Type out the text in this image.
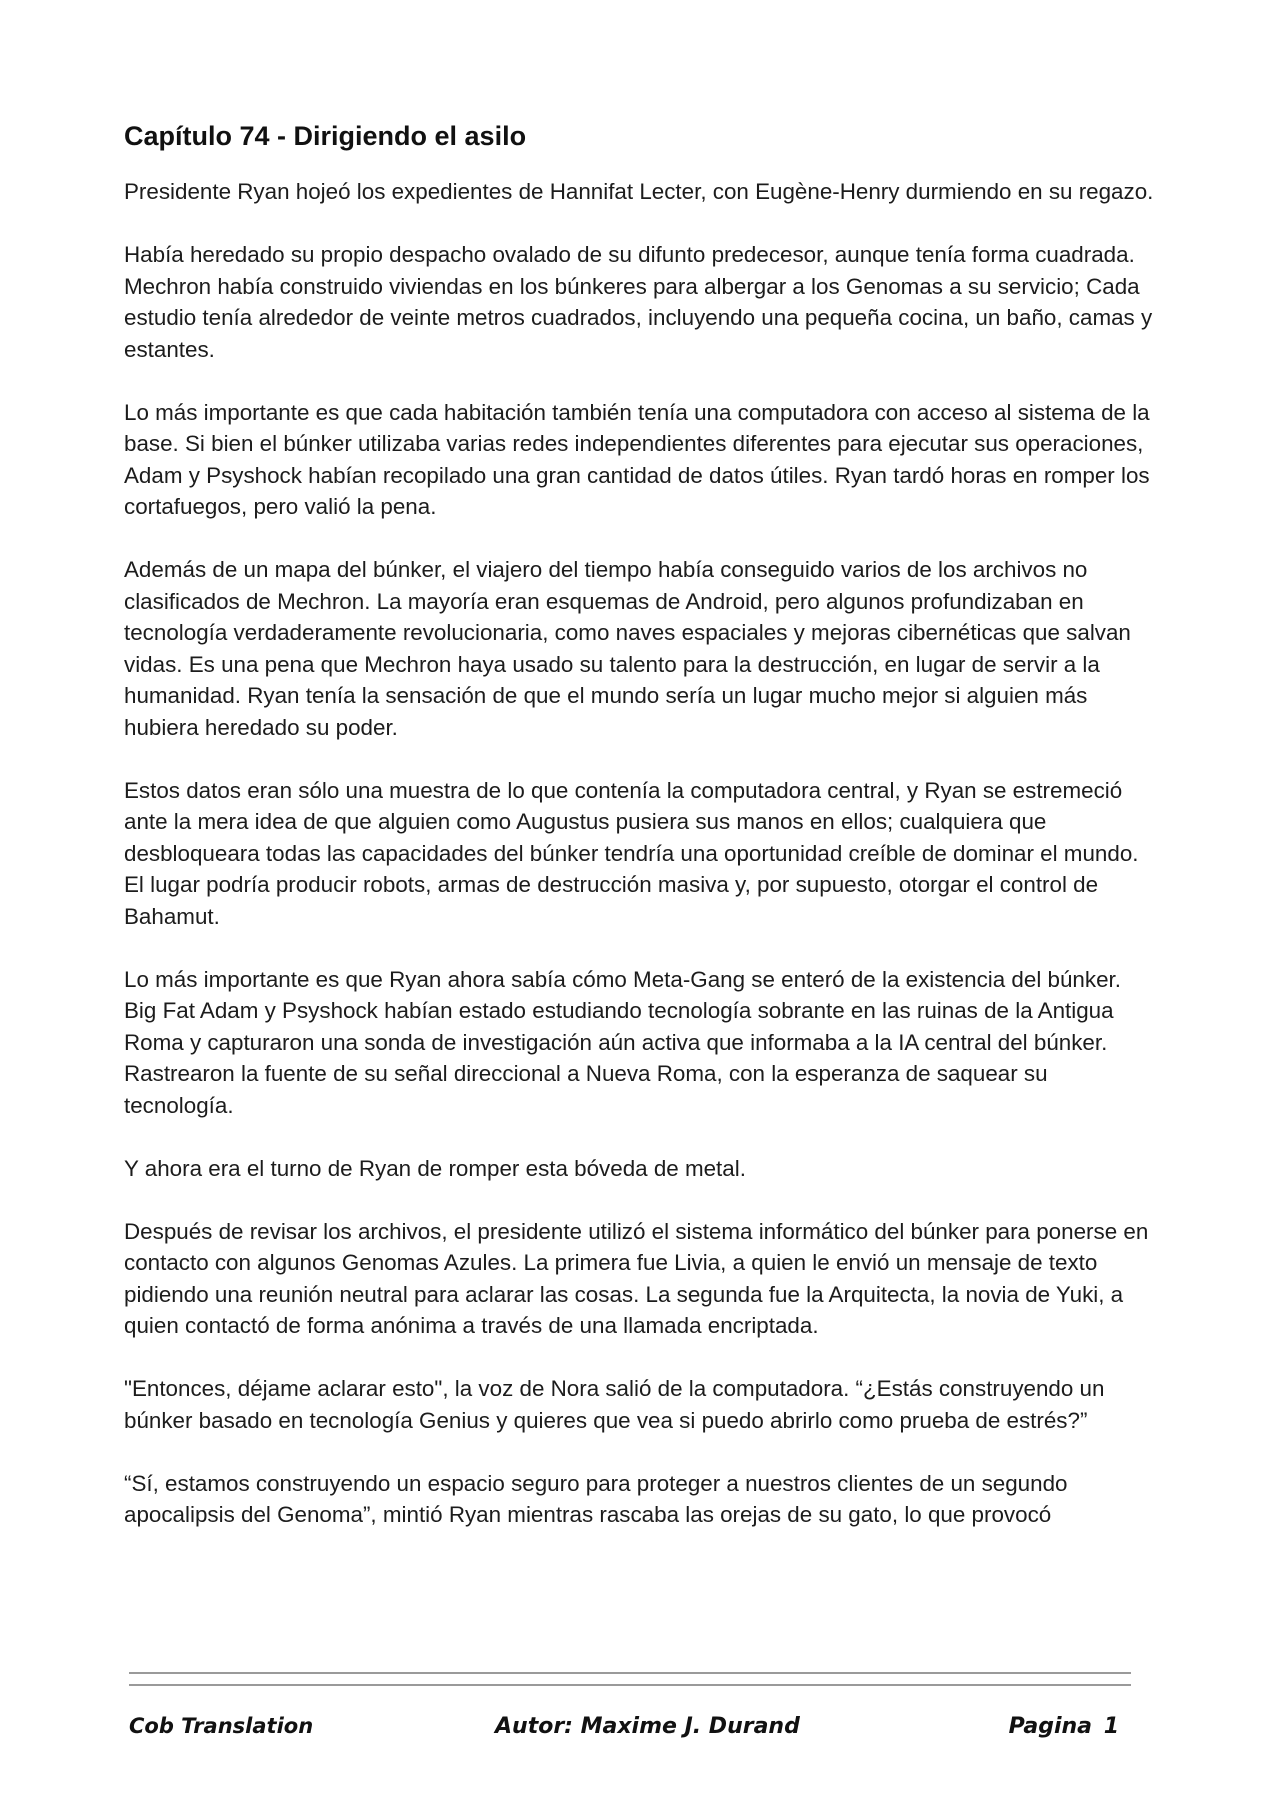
Capítulo 74 - Dirigiendo el asilo

Presidente Ryan hojeó los expedientes de Hannifat Lecter, con Eugène-Henry durmiendo en su regazo.

Había heredado su propio despacho ovalado de su difunto predecesor, aunque tenía forma cuadrada. Mechron había construido viviendas en los búnkeres para albergar a los Genomas a su servicio; Cada estudio tenía alrededor de veinte metros cuadrados, incluyendo una pequeña cocina, un baño, camas y estantes.

Lo más importante es que cada habitación también tenía una computadora con acceso al sistema de la base. Si bien el búnker utilizaba varias redes independientes diferentes para ejecutar sus operaciones, Adam y Psyshock habían recopilado una gran cantidad de datos útiles. Ryan tardó horas en romper los cortafuegos, pero valió la pena.

Además de un mapa del búnker, el viajero del tiempo había conseguido varios de los archivos no clasificados de Mechron. La mayoría eran esquemas de Android, pero algunos profundizaban en tecnología verdaderamente revolucionaria, como naves espaciales y mejoras cibernéticas que salvan vidas. Es una pena que Mechron haya usado su talento para la destrucción, en lugar de servir a la humanidad. Ryan tenía la sensación de que el mundo sería un lugar mucho mejor si alguien más hubiera heredado su poder.

Estos datos eran sólo una muestra de lo que contenía la computadora central, y Ryan se estremeció ante la mera idea de que alguien como Augustus pusiera sus manos en ellos; cualquiera que desbloqueara todas las capacidades del búnker tendría una oportunidad creíble de dominar el mundo. El lugar podría producir robots, armas de destrucción masiva y, por supuesto, otorgar el control de Bahamut.

Lo más importante es que Ryan ahora sabía cómo Meta-Gang se enteró de la existencia del búnker. Big Fat Adam y Psyshock habían estado estudiando tecnología sobrante en las ruinas de la Antigua Roma y capturaron una sonda de investigación aún activa que informaba a la IA central del búnker. Rastrearon la fuente de su señal direccional a Nueva Roma, con la esperanza de saquear su tecnología.

Y ahora era el turno de Ryan de romper esta bóveda de metal.

Después de revisar los archivos, el presidente utilizó el sistema informático del búnker para ponerse en contacto con algunos Genomas Azules. La primera fue Livia, a quien le envió un mensaje de texto pidiendo una reunión neutral para aclarar las cosas. La segunda fue la Arquitecta, la novia de Yuki, a quien contactó de forma anónima a través de una llamada encriptada.

"Entonces, déjame aclarar esto", la voz de Nora salió de la computadora. “¿Estás construyendo un búnker basado en tecnología Genius y quieres que vea si puedo abrirlo como prueba de estrés?”

“Sí, estamos construyendo un espacio seguro para proteger a nuestros clientes de un segundo apocalipsis del Genoma”, mintió Ryan mientras rascaba las orejas de su gato, lo que provocó

Cob Translation	Autor: Maxime J. Durand	Pagina 1
